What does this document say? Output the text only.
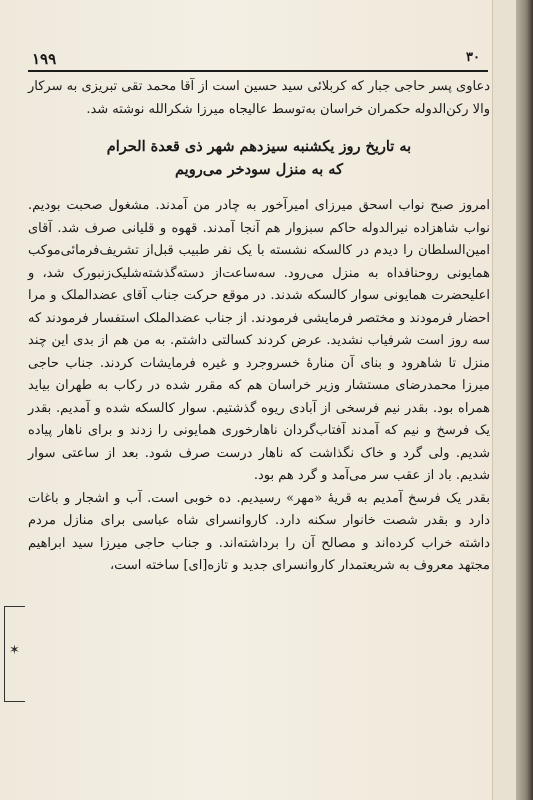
۱۹۹	۳۰

دعاوی پسر حاجی جبار که کربلائی سید حسین است از آقا محمد تقی تبریزی به سرکار والا رکن‌الدوله حکمران خراسان به‌توسط عالیجاه میرزا شکرالله نوشته شد.

به تاریخ روز یکشنبه سیزدهم شهر ذی قعدة الحرام
که به منزل سودخر می‌رویم

امروز صبح نواب اسحق میرزای امیرآخور به چادر من آمدند. مشغول صحبت بودیم. نواب شاهزاده نیرالدوله حاکم سبزوار هم آنجا آمدند. قهوه و قلیانی صرف شد. آقای امین‌السلطان را دیدم در کالسکه نشسته با یک نفر طبیب قبل‌از تشریف‌فرمائی‌موکب همایونی روحنافداه به منزل می‌رود. سه‌ساعت‌از دسته‌گذشته‌شلیک‌زنبورک شد، و اعلیحضرت همایونی سوار کالسکه شدند. در موقع حرکت جناب آقای عضدالملک و مرا احضار فرمودند و مختصر فرمایشی فرمودند. از جناب عضدالملک استفسار فرمودند که سه روز است شرفیاب نشدید. عرض کردند کسالتی داشتم. به من هم از بدی این چند منزل تا شاهرود و بنای آن منارهٔ خسروجرد و غیره فرمایشات کردند. جناب حاجی میرزا محمدرضای مستشار وزیر خراسان هم که مقرر شده در رکاب به طهران بیاید همراه بود. بقدر نیم فرسخی از آبادی ریوه گذشتیم. سوار کالسکه شده و آمدیم. بقدر یک فرسخ و نیم که آمدند آفتاب‌گردان ناهارخوری همایونی را زدند و برای ناهار پیاده شدیم. ولی گرد و خاک نگذاشت که ناهار درست صرف شود. بعد از ساعتی سوار شدیم. باد از عقب سر می‌آمد و گرد هم بود.

بقدر یک فرسخ آمدیم به قریهٔ «مهر» رسیدیم. ده خوبی است. آب و اشجار و باغات دارد و بقدر شصت خانوار سکنه دارد. کاروانسرای شاه عباسی برای منازل مردم داشته خراب کرده‌اند و مصالح آن را برداشته‌اند. و جناب حاجی میرزا سید ابراهیم مجتهد معروف به شریعتمدار کاروانسرای جدید و تازه[ای] ساخته است،

✶
